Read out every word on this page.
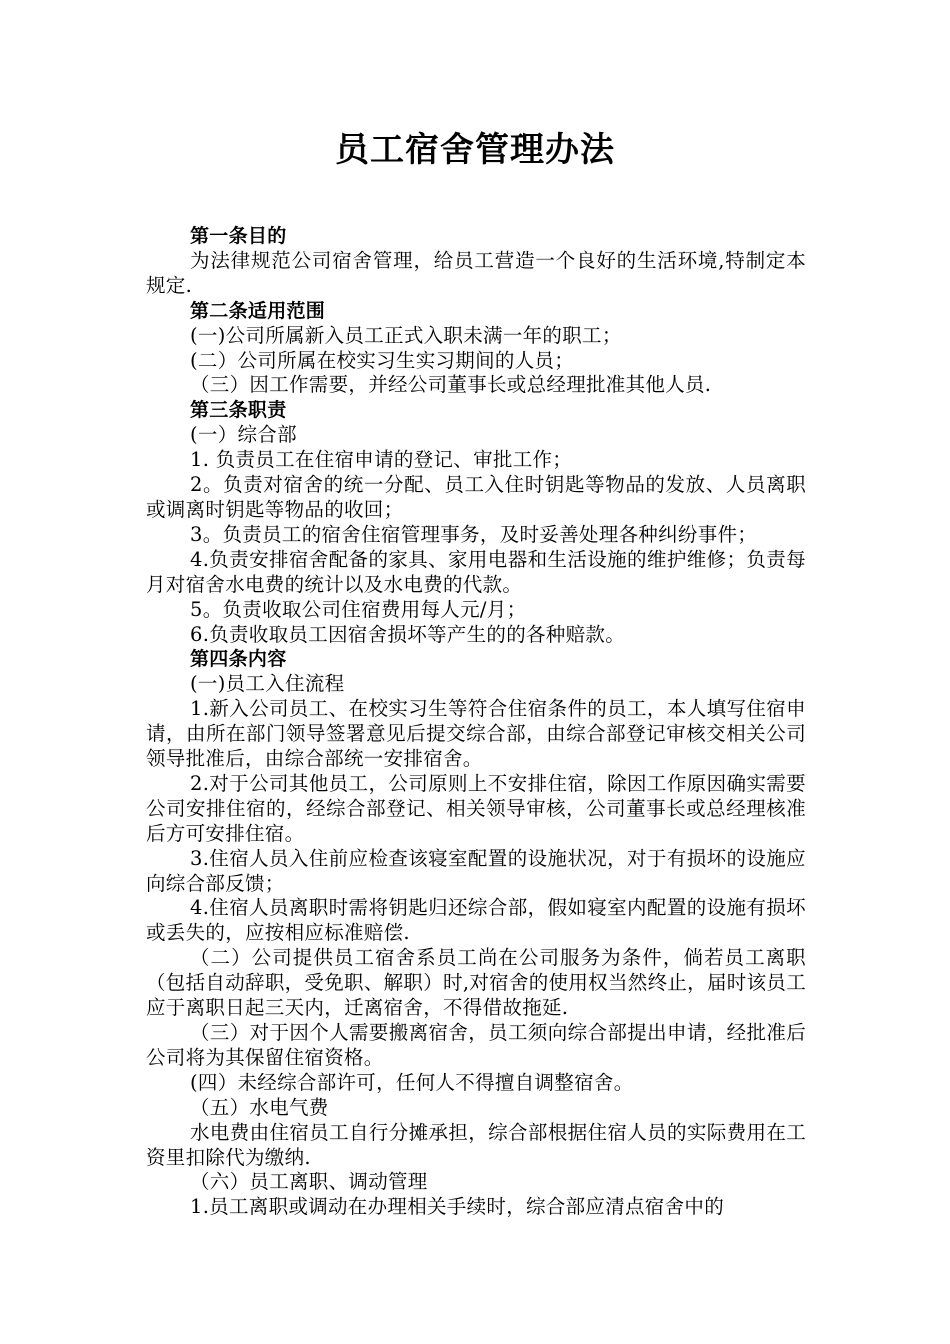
员工宿舍管理办法

第一条目的

为法律规范公司宿舍管理，给员工营造一个良好的生活环境,特制定本规定.

第二条适用范围

(一)公司所属新入员工正式入职未满一年的职工；

(二）公司所属在校实习生实习期间的人员；

（三）因工作需要，并经公司董事长或总经理批准其他人员.

第三条职责

(一）综合部

1. 负责员工在住宿申请的登记、审批工作；

2。负责对宿舍的统一分配、员工入住时钥匙等物品的发放、人员离职或调离时钥匙等物品的收回；

3。负责员工的宿舍住宿管理事务，及时妥善处理各种纠纷事件；

4.负责安排宿舍配备的家具、家用电器和生活设施的维护维修；负责每月对宿舍水电费的统计以及水电费的代款。

5。负责收取公司住宿费用每人元/月；

6.负责收取员工因宿舍损坏等产生的的各种赔款。

第四条内容

(一)员工入住流程

1.新入公司员工、在校实习生等符合住宿条件的员工，本人填写住宿申请，由所在部门领导签署意见后提交综合部，由综合部登记审核交相关公司领导批准后，由综合部统一安排宿舍。

2.对于公司其他员工，公司原则上不安排住宿，除因工作原因确实需要公司安排住宿的，经综合部登记、相关领导审核，公司董事长或总经理核准后方可安排住宿。

3.住宿人员入住前应检查该寝室配置的设施状况，对于有损坏的设施应向综合部反馈；

4.住宿人员离职时需将钥匙归还综合部，假如寝室内配置的设施有损坏或丢失的，应按相应标准赔偿.

（二）公司提供员工宿舍系员工尚在公司服务为条件，倘若员工离职（包括自动辞职，受免职、解职）时,对宿舍的使用权当然终止，届时该员工应于离职日起三天内，迁离宿舍，不得借故拖延.

（三）对于因个人需要搬离宿舍，员工须向综合部提出申请，经批准后公司将为其保留住宿资格。

(四）未经综合部许可，任何人不得擅自调整宿舍。

（五）水电气费

水电费由住宿员工自行分摊承担，综合部根据住宿人员的实际费用在工资里扣除代为缴纳.

（六）员工离职、调动管理

1.员工离职或调动在办理相关手续时，综合部应清点宿舍中的
